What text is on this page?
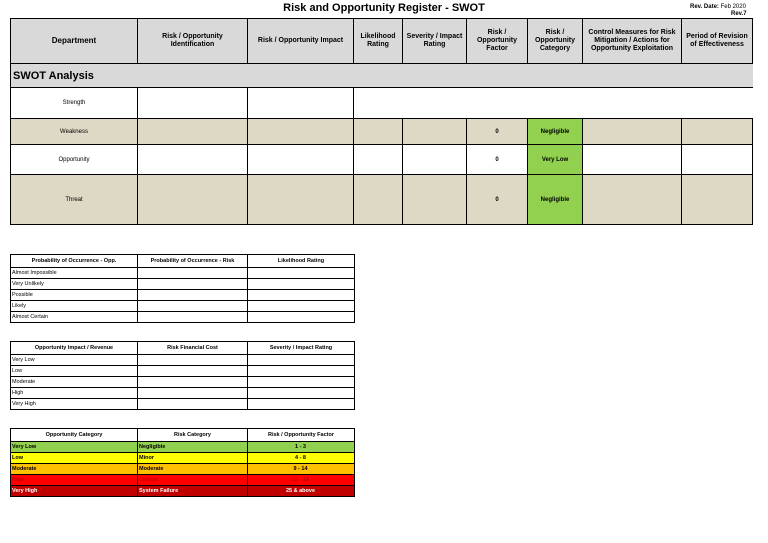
Risk and Opportunity Register - SWOT	Rev. Date: Feb 2020
Rev.7
Department	Risk / Opportunity Identification	Risk / Opportunity Impact	Likelihood Rating	Severity / Impact Rating	Risk / Opportunity Factor	Risk / Opportunity Category	Control Measures for Risk Mitigation / Actions for Opportunity Exploitation	Period of Revision of Effectiveness
SWOT Analysis								
Strength								
Weakness					0	Negligible		
Opportunity					0	Very Low		
Threat					0	Negligible		
Probability of Occurrence - Opp.	Probability of Occurrence - Risk	Likelihood Rating
Almost Impossible		
Very Unlikely		
Possible		
Likely		
Almost Certain		
Opportunity Impact / Revenue	Risk Financial Cost	Severity / Impact Rating
Very Low		
Low		
Moderate		
High		
Very High		
Opportunity Category	Risk Category	Risk / Opportunity Factor
Very Low	Negligible	1 - 3
Low	Minor	4 - 8
Moderate	Moderate	9 - 14
High	Critical	15 - 19
Very High	System Failure	25 & above
